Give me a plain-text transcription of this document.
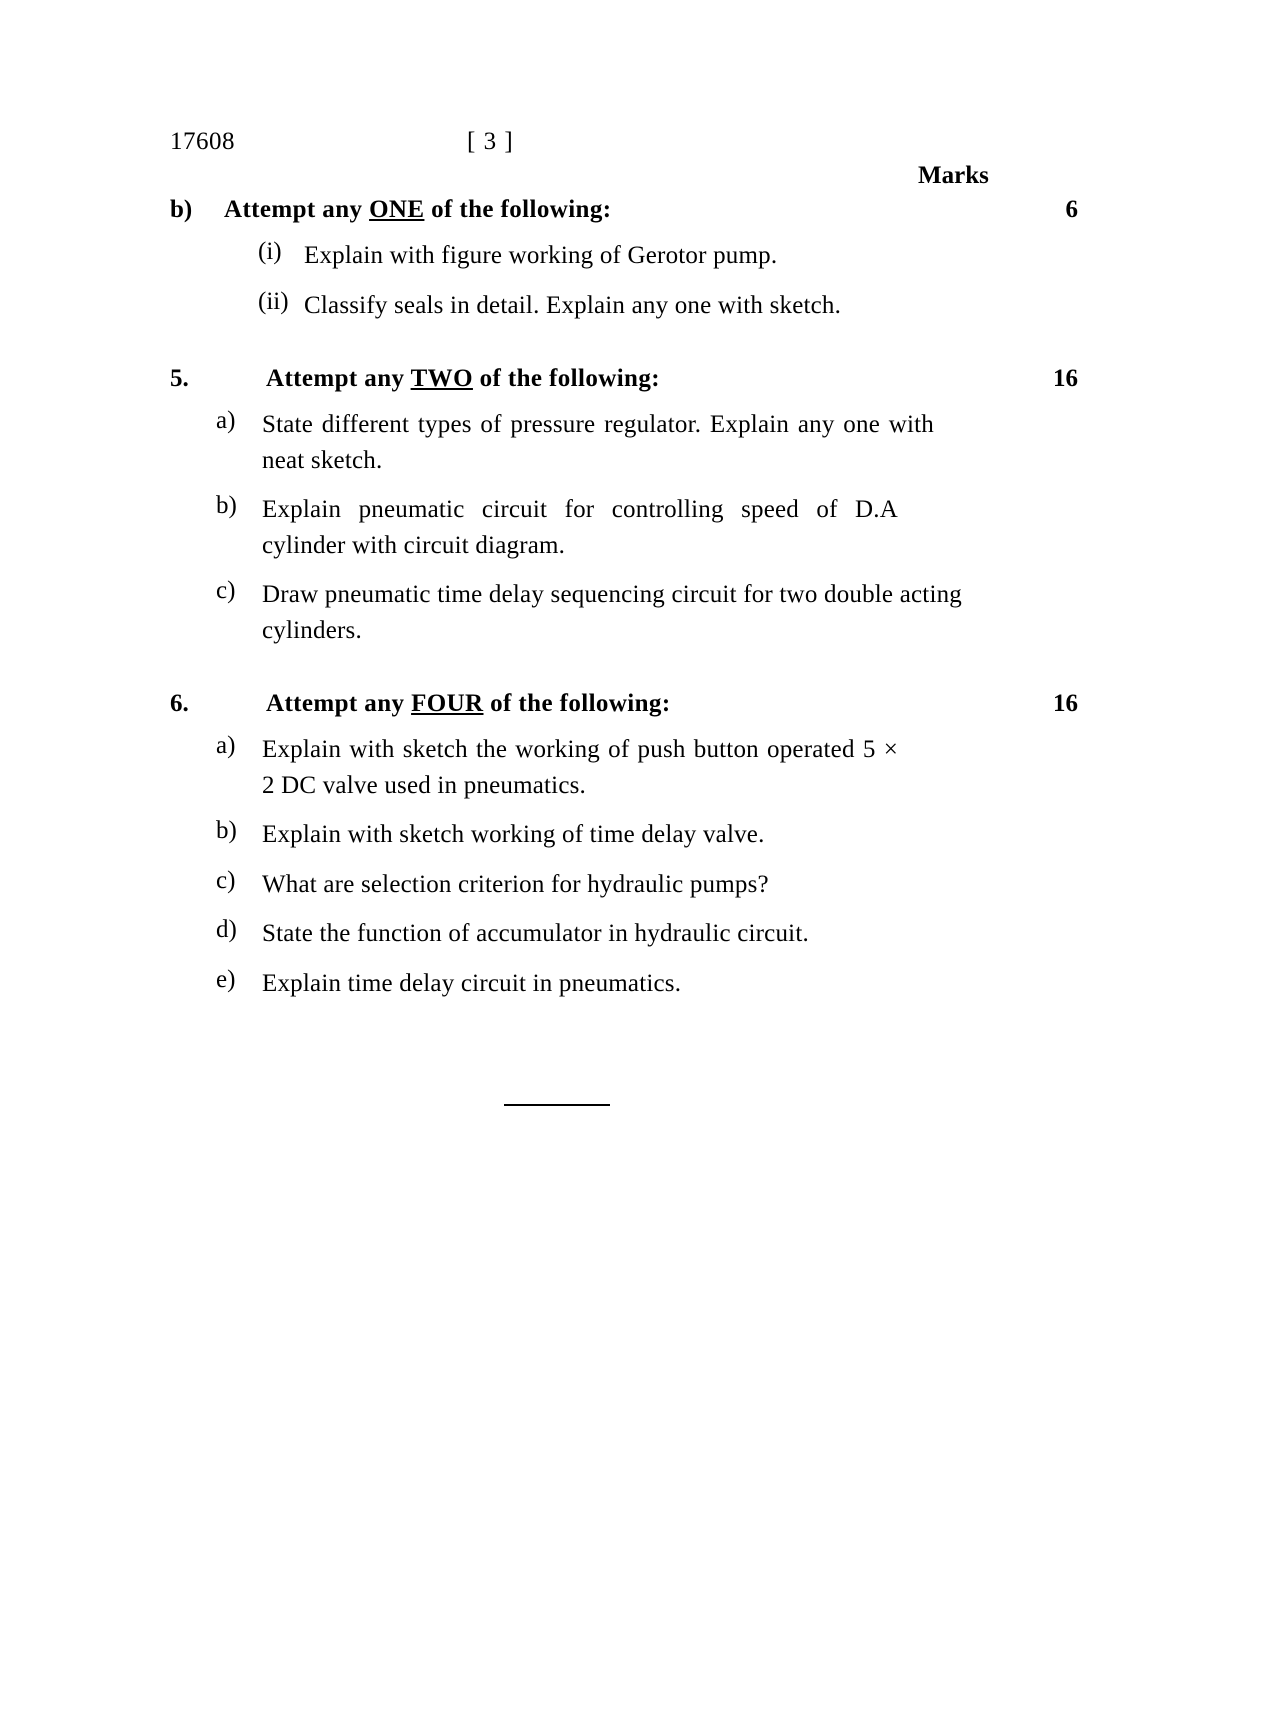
17608	[ 3 ]
Marks
b)	Attempt any ONE of the following:	6
(i) Explain with figure working of Gerotor pump.
(ii) Classify seals in detail. Explain any one with sketch.
5.	Attempt any TWO of the following:	16
a)	State different types of pressure regulator. Explain any one with neat sketch.
b)	Explain pneumatic circuit for controlling speed of D.A cylinder with circuit diagram.
c)	Draw pneumatic time delay sequencing circuit for two double acting cylinders.
6.	Attempt any FOUR of the following:	16
a)	Explain with sketch the working of push button operated 5 × 2 DC valve used in pneumatics.
b)	Explain with sketch working of time delay valve.
c)	What are selection criterion for hydraulic pumps?
d)	State the function of accumulator in hydraulic circuit.
e)	Explain time delay circuit in pneumatics.
